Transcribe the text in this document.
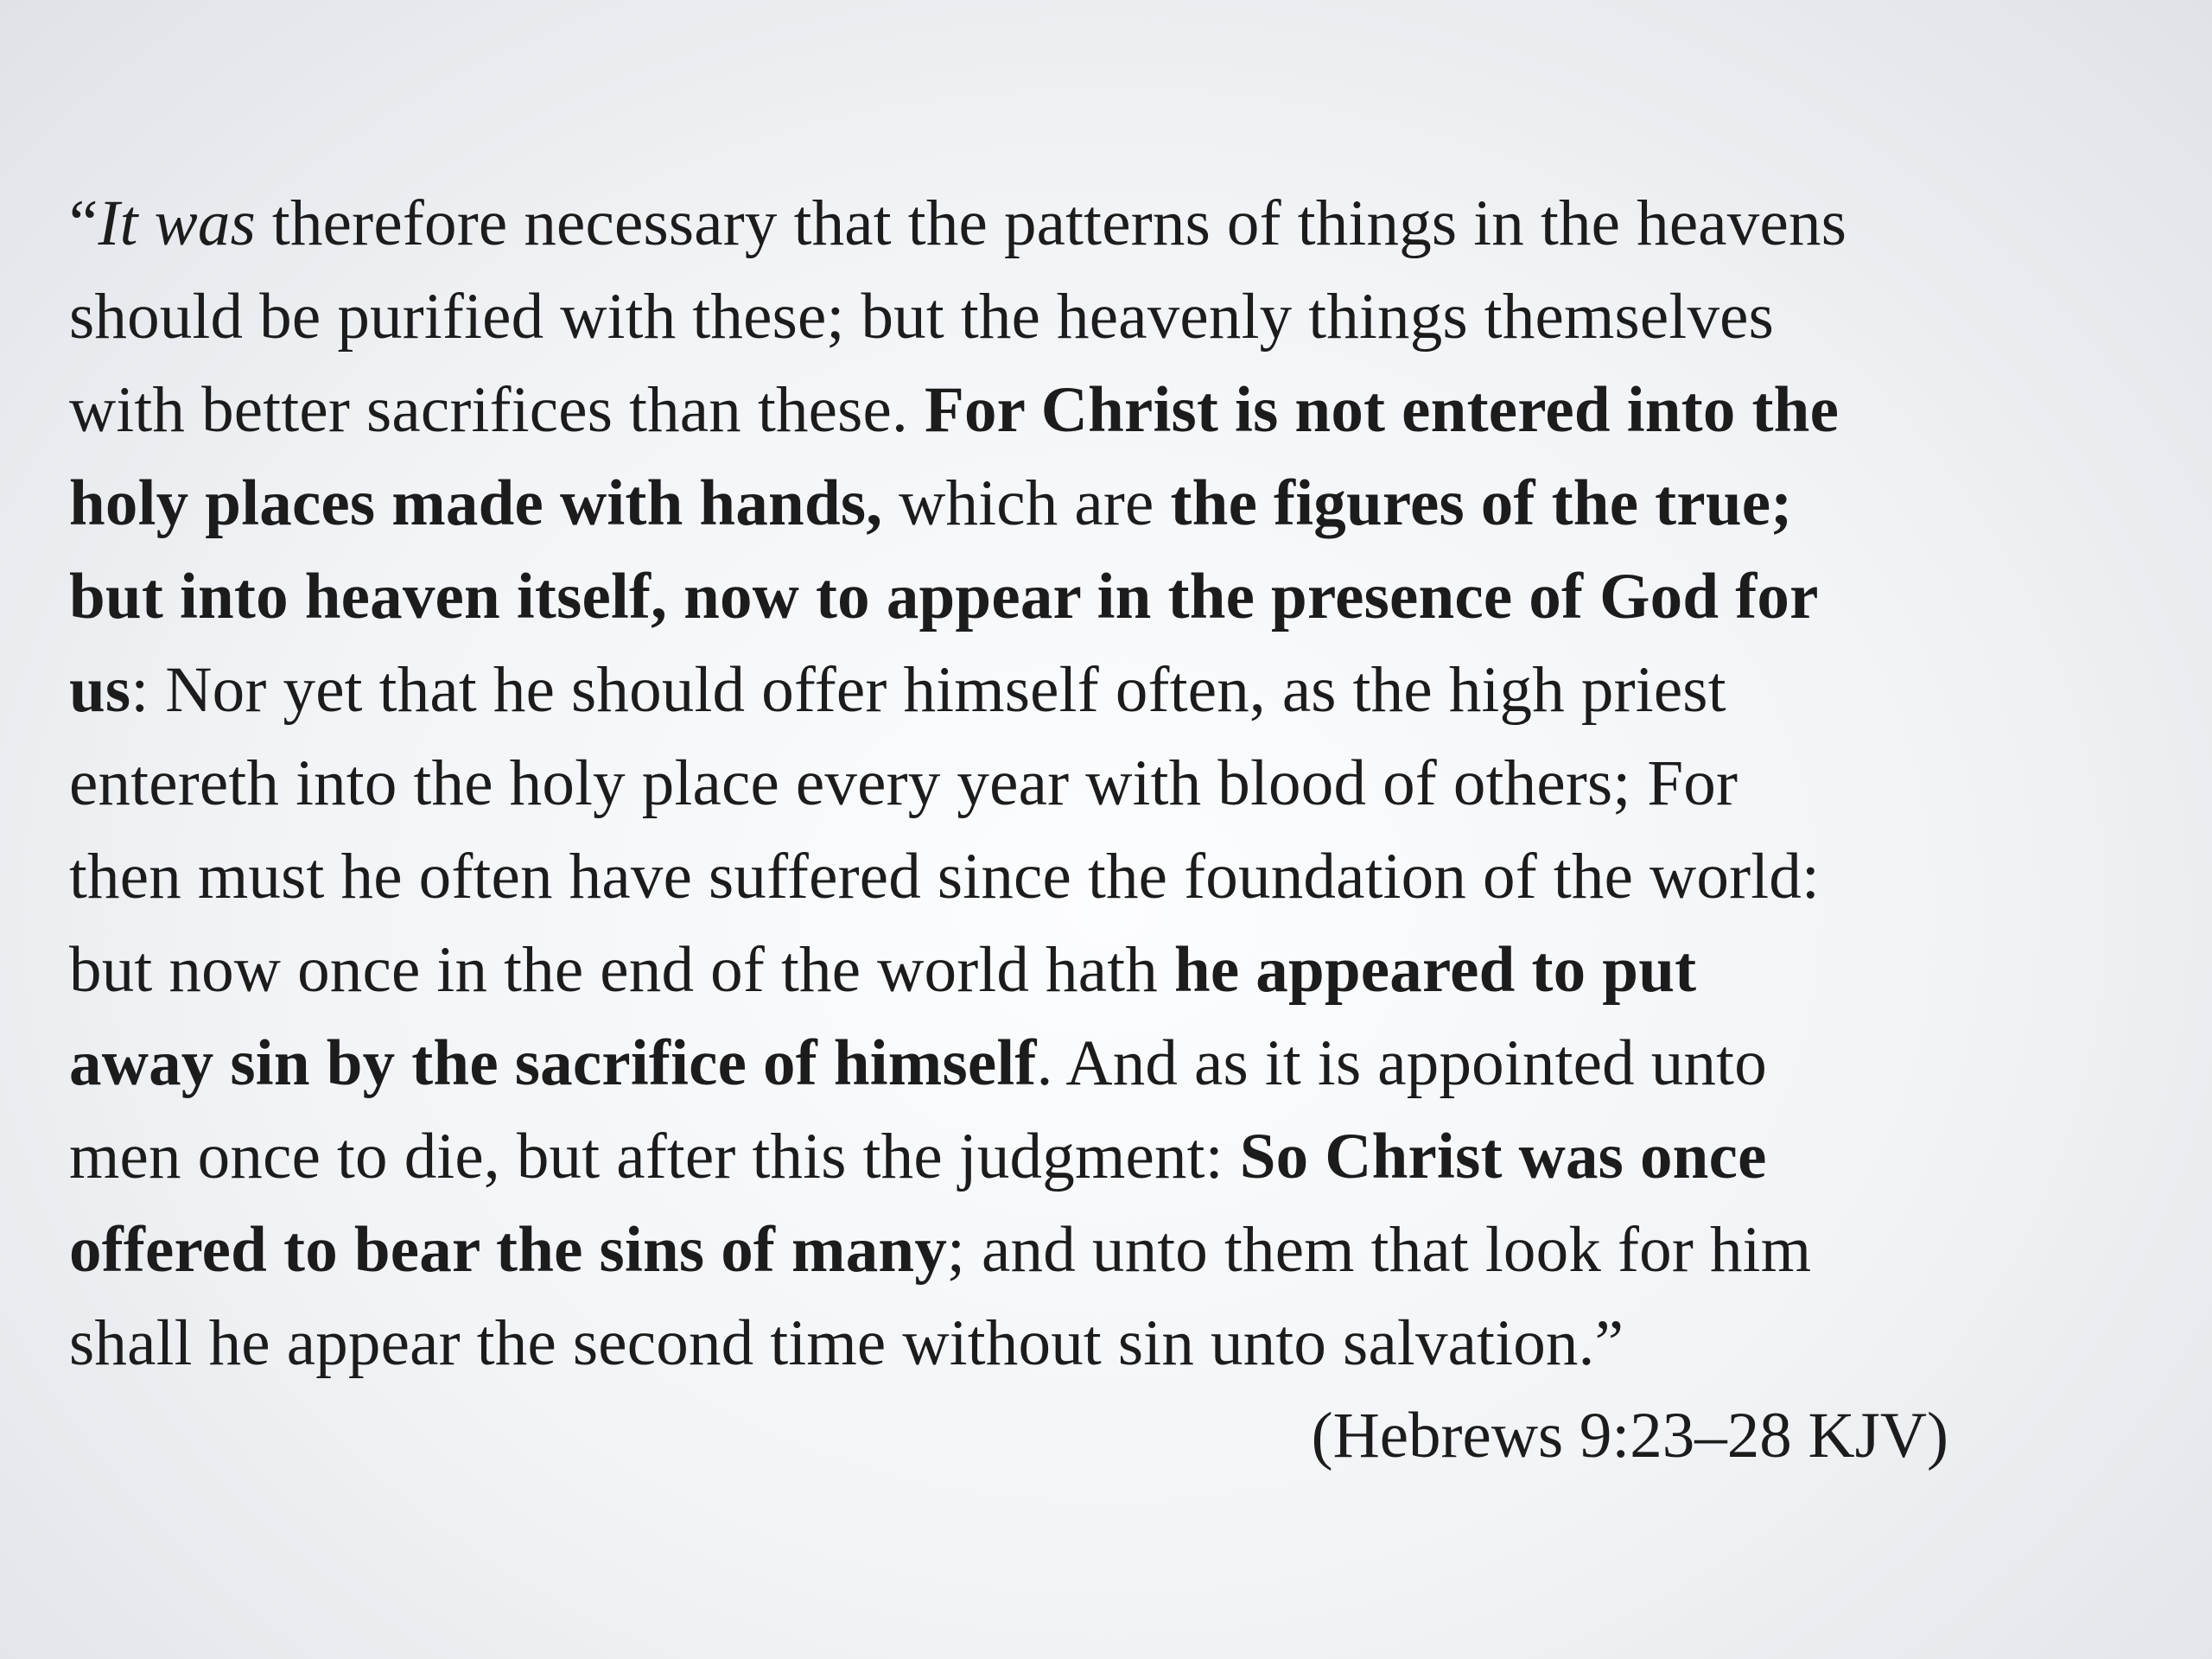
“It was therefore necessary that the patterns of things in the heavens
should be purified with these; but the heavenly things themselves
with better sacrifices than these. For Christ is not entered into the
holy places made with hands, which are the figures of the true;
but into heaven itself, now to appear in the presence of God for
us: Nor yet that he should offer himself often, as the high priest
entereth into the holy place every year with blood of others; For
then must he often have suffered since the foundation of the world:
but now once in the end of the world hath he appeared to put
away sin by the sacrifice of himself. And as it is appointed unto
men once to die, but after this the judgment: So Christ was once
offered to bear the sins of many; and unto them that look for him
shall he appear the second time without sin unto salvation.”

(Hebrews 9:23–28 KJV)
